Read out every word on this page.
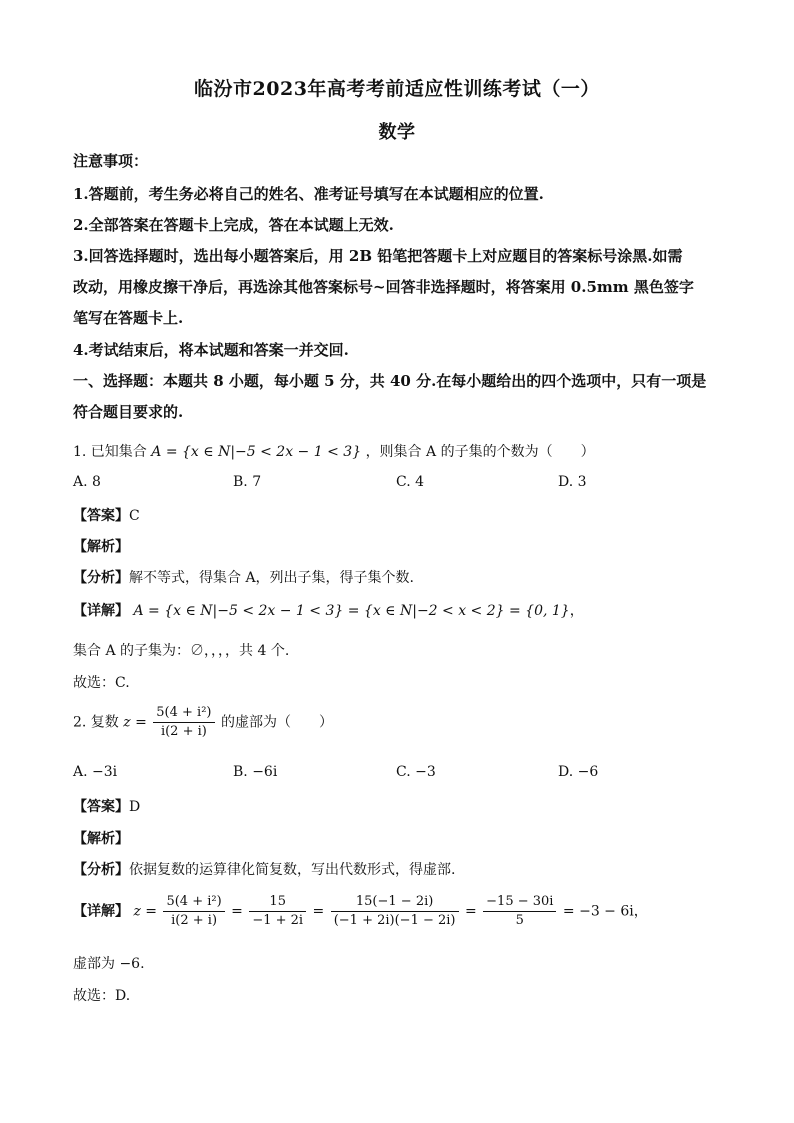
临汾市2023年高考考前适应性训练考试（一）
数学
注意事项：
1.答题前，考生务必将自己的姓名、准考证号填写在本试题相应的位置.
2.全部答案在答题卡上完成，答在本试题上无效.
3.回答选择题时，选出每小题答案后，用 2B 铅笔把答题卡上对应题目的答案标号涂黑.如需
改动，用橡皮擦干净后，再选涂其他答案标号~回答非选择题时，将答案用 0.5mm 黑色签字
笔写在答题卡上.
4.考试结束后，将本试题和答案一并交回.
一、选择题：本题共 8 小题，每小题 5 分，共 40 分.在每小题给出的四个选项中，只有一项是
符合题目要求的.
1. 已知集合 A = {x ∈ N|−5 < 2x − 1 < 3} ，则集合 A 的子集的个数为（　　）
A. 8	B. 7	C. 4	D. 3
【答案】C
【解析】
【分析】解不等式，得集合 A，列出子集，得子集个数.
【详解】 A = {x ∈ N|−5 < 2x − 1 < 3} = {x ∈ N|−2 < x < 2} = {0, 1}，
集合 A 的子集为：∅，，，，共 4 个.
故选：C.
2. 复数 $z = \frac{\text{5(4 + i²)}}{i(2 + i)}$ 的虚部为（　　）
A. −3i	B. −6i	C. −3	D. −6
【答案】D
【解析】
【分析】依据复数的运算律化简复数，写出代数形式，得虚部.
【详解】 $z = \frac{\text{5(4 + i²)}}{i(2 + i)} = \frac{15}{-1 + 2i} = \frac{15(-1 - 2i)}{(-1 + 2i)(-1 - 2i)} = \frac{-15 - 30i}{5} = -3 - 6i$，
虚部为 −6.
故选：D.
